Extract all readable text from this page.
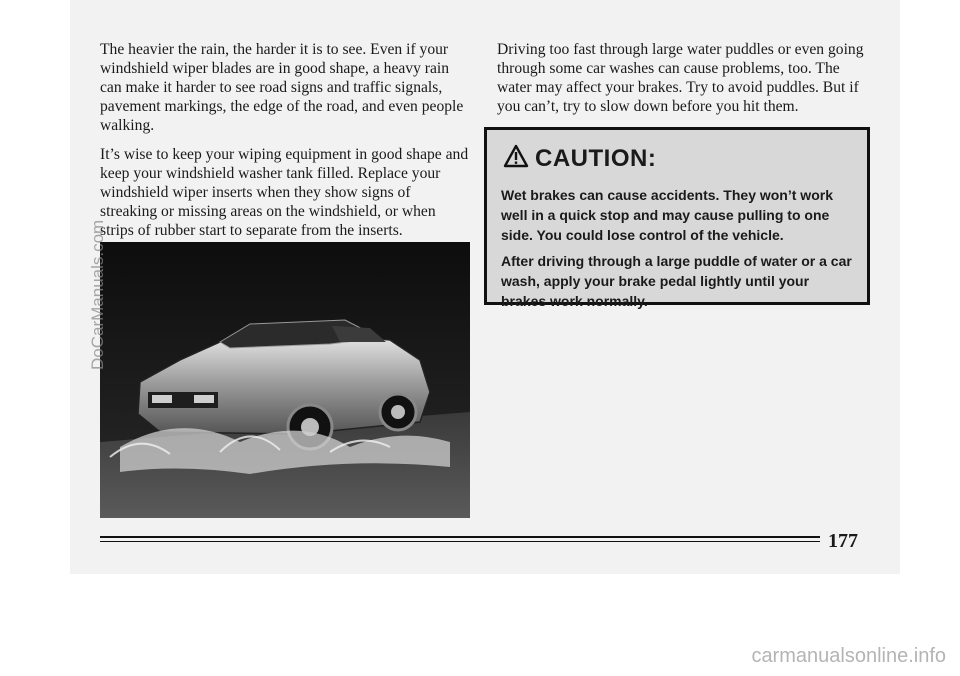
The heavier the rain, the harder it is to see. Even if your windshield wiper blades are in good shape, a heavy rain can make it harder to see road signs and traffic signals, pavement markings, the edge of the road, and even people walking.

It’s wise to keep your wiping equipment in good shape and keep your windshield washer tank filled. Replace your windshield wiper inserts when they show signs of streaking or missing areas on the windshield, or when strips of rubber start to separate from the inserts.

Driving too fast through large water puddles or even going through some car washes can cause problems, too. The water may affect your brakes. Try to avoid puddles. But if you can’t, try to slow down before you hit them.

CAUTION:

Wet brakes can cause accidents. They won’t work well in a quick stop and may cause pulling to one side. You could lose control of the vehicle.

After driving through a large puddle of water or a car wash, apply your brake pedal lightly until your brakes work normally.

DoCarManuals.com
177
carmanualsonline.info
